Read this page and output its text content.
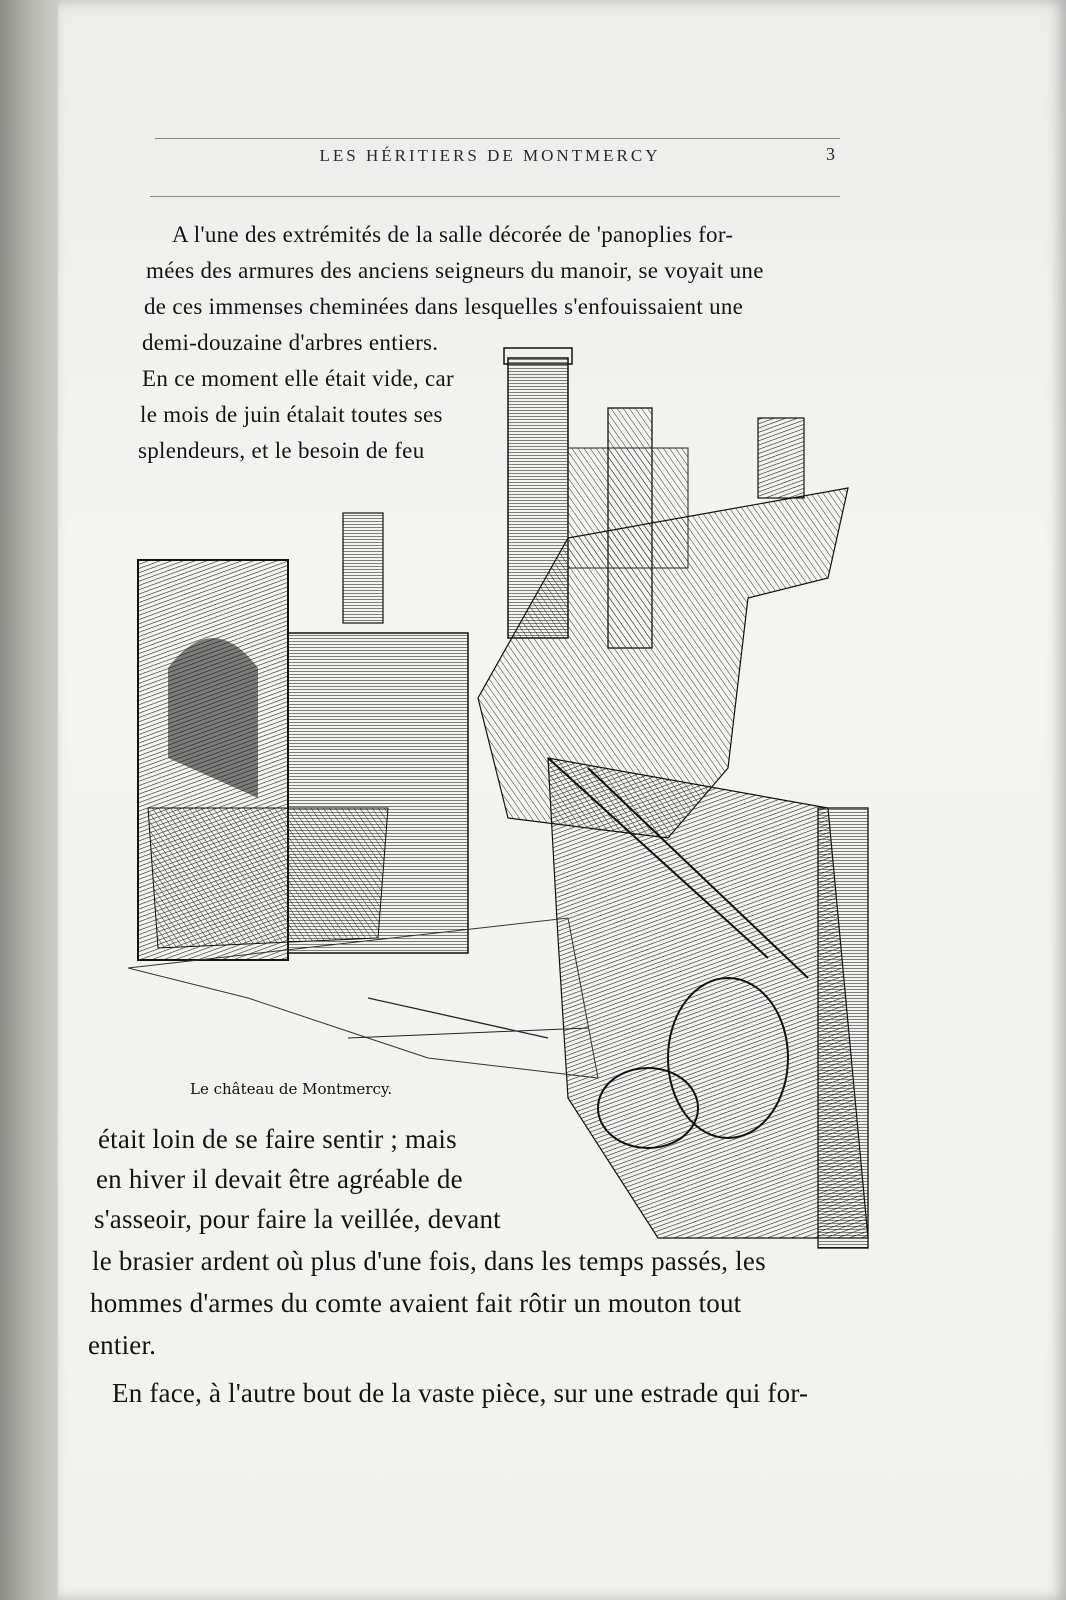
LES HÉRITIERS DE MONTMERCY	3
A l'une des extrémités de la salle décorée de 'panoplies for-
mées des armures des anciens seigneurs du manoir, se voyait une
de ces immenses cheminées dans lesquelles s'enfouissaient une
demi-douzaine d'arbres entiers.
En ce moment elle était vide, car
le mois de juin étalait toutes ses
splendeurs, et le besoin de feu
Le château de Montmercy.
était loin de se faire sentir ; mais
en hiver il devait être agréable de
s'asseoir, pour faire la veillée, devant
le brasier ardent où plus d'une fois, dans les temps passés, les
hommes d'armes du comte avaient fait rôtir un mouton tout
entier.
En face, à l'autre bout de la vaste pièce, sur une estrade qui for-
